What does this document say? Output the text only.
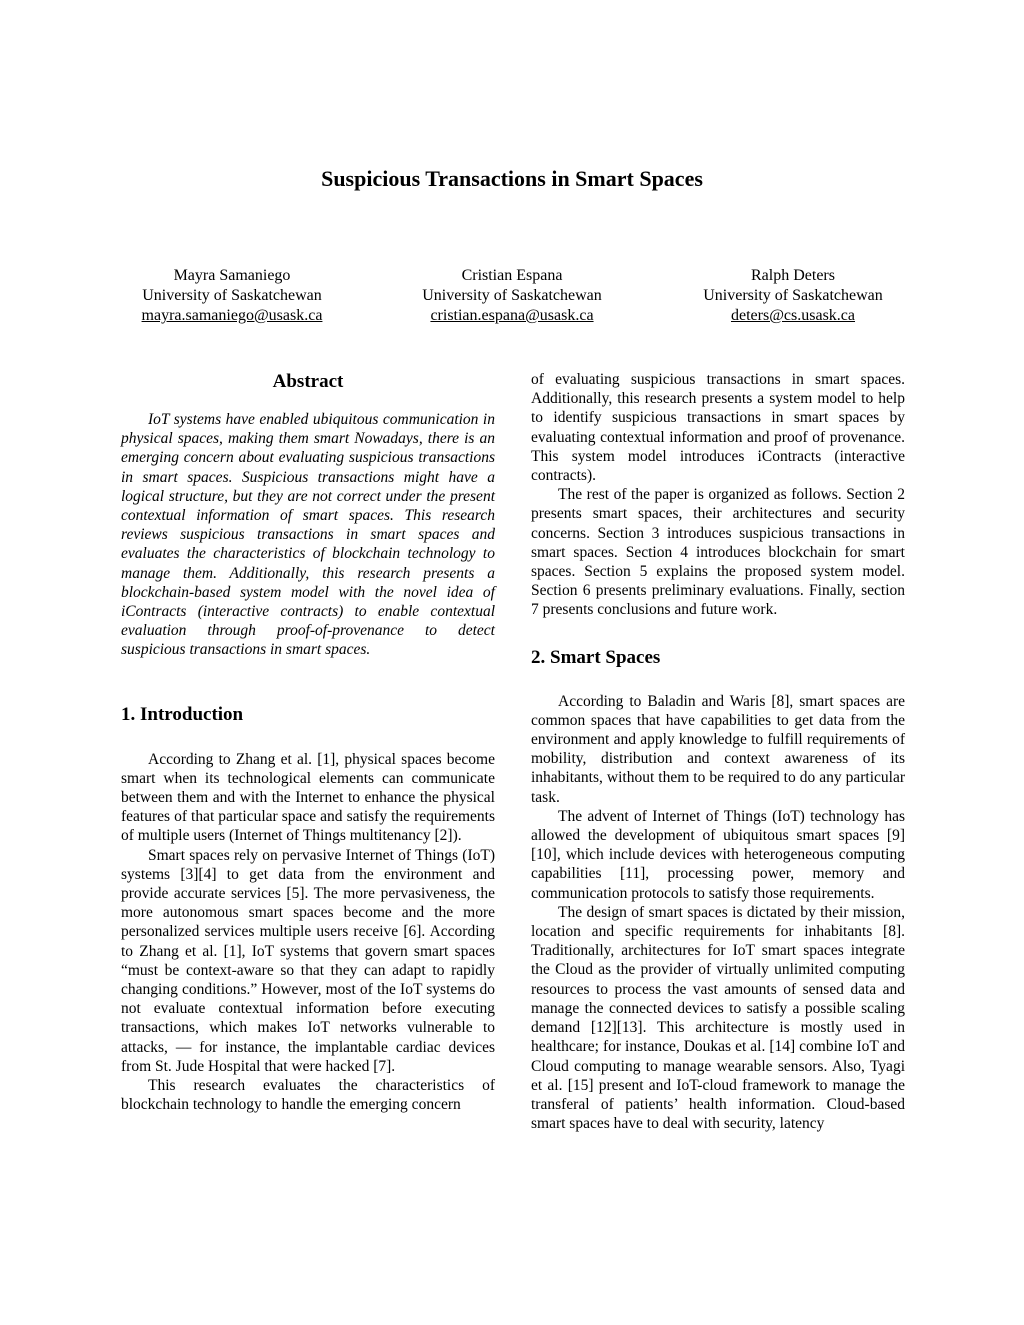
Suspicious Transactions in Smart Spaces
Mayra Samaniego
University of Saskatchewan
mayra.samaniego@usask.ca
Cristian Espana
University of Saskatchewan
cristian.espana@usask.ca
Ralph Deters
University of Saskatchewan
deters@cs.usask.ca
Abstract

IoT systems have enabled ubiquitous communication in physical spaces, making them smart Nowadays, there is an emerging concern about evaluating suspicious transactions in smart spaces. Suspicious transactions might have a logical structure, but they are not correct under the present contextual information of smart spaces. This research reviews suspicious transactions in smart spaces and evaluates the characteristics of blockchain technology to manage them. Additionally, this research presents a blockchain-based system model with the novel idea of iContracts (interactive contracts) to enable contextual evaluation through proof-of-provenance to detect suspicious transactions in smart spaces.

1. Introduction

According to Zhang et al. [1], physical spaces become smart when its technological elements can communicate between them and with the Internet to enhance the physical features of that particular space and satisfy the requirements of multiple users (Internet of Things multitenancy [2]).

Smart spaces rely on pervasive Internet of Things (IoT) systems [3][4] to get data from the environment and provide accurate services [5]. The more pervasiveness, the more autonomous smart spaces become and the more personalized services multiple users receive [6]. According to Zhang et al. [1], IoT systems that govern smart spaces “must be context-aware so that they can adapt to rapidly changing conditions.” However, most of the IoT systems do not evaluate contextual information before executing transactions, which makes IoT networks vulnerable to attacks, — for instance, the implantable cardiac devices from St. Jude Hospital that were hacked [7].

This research evaluates the characteristics of blockchain technology to handle the emerging concern

of evaluating suspicious transactions in smart spaces. Additionally, this research presents a system model to help to identify suspicious transactions in smart spaces by evaluating contextual information and proof of provenance. This system model introduces iContracts (interactive contracts).

The rest of the paper is organized as follows. Section 2 presents smart spaces, their architectures and security concerns. Section 3 introduces suspicious transactions in smart spaces. Section 4 introduces blockchain for smart spaces. Section 5 explains the proposed system model. Section 6 presents preliminary evaluations. Finally, section 7 presents conclusions and future work.

2. Smart Spaces

According to Baladin and Waris [8], smart spaces are common spaces that have capabilities to get data from the environment and apply knowledge to fulfill requirements of mobility, distribution and context awareness of its inhabitants, without them to be required to do any particular task.

The advent of Internet of Things (IoT) technology has allowed the development of ubiquitous smart spaces [9][10], which include devices with heterogeneous computing capabilities [11], processing power, memory and communication protocols to satisfy those requirements.

The design of smart spaces is dictated by their mission, location and specific requirements for inhabitants [8]. Traditionally, architectures for IoT smart spaces integrate the Cloud as the provider of virtually unlimited computing resources to process the vast amounts of sensed data and manage the connected devices to satisfy a possible scaling demand [12][13]. This architecture is mostly used in healthcare; for instance, Doukas et al. [14] combine IoT and Cloud computing to manage wearable sensors. Also, Tyagi et al. [15] present and IoT-cloud framework to manage the transferal of patients’ health information. Cloud-based smart spaces have to deal with security, latency
